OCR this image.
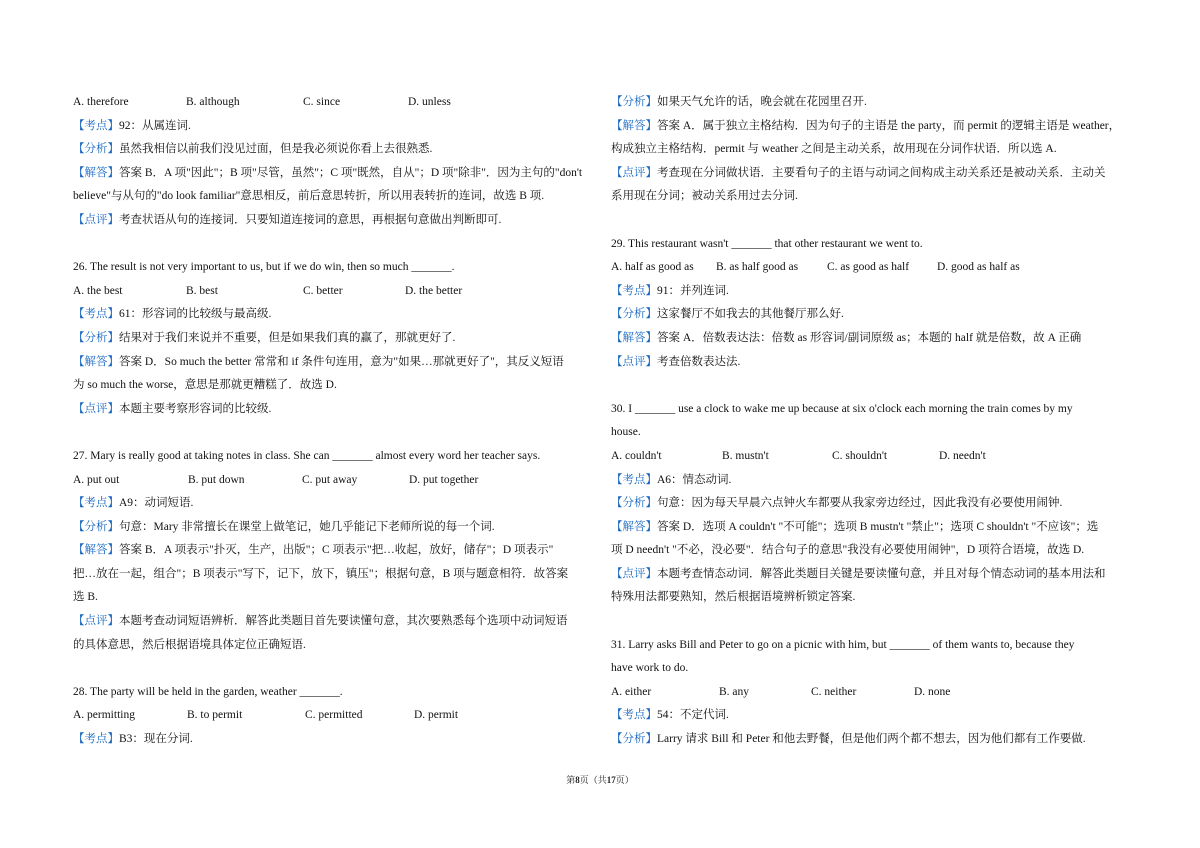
A. therefore	B. although	C. since	D. unless
【考点】92：从属连词.
【分析】虽然我相信以前我们没见过面，但是我必须说你看上去很熟悉.
【解答】答案 B．A 项"因此"；B 项"尽管，虽然"；C 项"既然，自从"；D 项"除非"．因为主句的"don't
believe"与从句的"do look familiar"意思相反，前后意思转折，所以用表转折的连词，故选 B 项.
【点评】考查状语从句的连接词．只要知道连接词的意思，再根据句意做出判断即可.
26. The result is not very important to us, but if we do win, then so much _______.
A. the best	B. best	C. better	D. the better
【考点】61：形容词的比较级与最高级.
【分析】结果对于我们来说并不重要，但是如果我们真的赢了，那就更好了.
【解答】答案 D．So much the better 常常和 if 条件句连用，意为"如果…那就更好了"，其反义短语
为 so much the worse，意思是那就更糟糕了．故选 D.
【点评】本题主要考察形容词的比较级.
27. Mary is really good at taking notes in class. She can _______ almost every word her teacher says.
A. put out	B. put down	C. put away	D. put together
【考点】A9：动词短语.
【分析】句意：Mary 非常擅长在课堂上做笔记，她几乎能记下老师所说的每一个词.
【解答】答案 B．A 项表示"扑灭，生产，出版"；C 项表示"把…收起，放好，储存"；D 项表示"
把…放在一起，组合"；B 项表示"写下，记下，放下，镇压"；根据句意，B 项与题意相符．故答案
选 B.
【点评】本题考查动词短语辨析．解答此类题目首先要读懂句意，其次要熟悉每个选项中动词短语
的具体意思，然后根据语境具体定位正确短语.
28. The party will be held in the garden, weather _______.
A. permitting	B. to permit	C. permitted	D. permit
【考点】B3：现在分词.
【分析】如果天气允许的话，晚会就在花园里召开.
【解答】答案 A．属于独立主格结构．因为句子的主语是 the party，而 permit 的逻辑主语是 weather，
构成独立主格结构．permit 与 weather 之间是主动关系，故用现在分词作状语．所以选 A.
【点评】考查现在分词做状语．主要看句子的主语与动词之间构成主动关系还是被动关系．主动关
系用现在分词；被动关系用过去分词.
29. This restaurant wasn't _______ that other restaurant we went to.
A. half as good as	B. as half good as	C. as good as half	D. good as half as
【考点】91：并列连词.
【分析】这家餐厅不如我去的其他餐厅那么好.
【解答】答案 A．倍数表达法：倍数 as 形容词/副词原级 as；本题的 half 就是倍数，故 A 正确
【点评】考查倍数表达法.
30. I _______ use a clock to wake me up because at six o'clock each morning the train comes by my
house.
A. couldn't	B. mustn't	C. shouldn't	D. needn't
【考点】A6：情态动词.
【分析】句意：因为每天早晨六点钟火车都要从我家旁边经过，因此我没有必要使用闹钟.
【解答】答案 D．选项 A couldn't "不可能"；选项 B mustn't "禁止"；选项 C shouldn't "不应该"；选
项 D needn't "不必，没必要"．结合句子的意思"我没有必要使用闹钟"，D 项符合语境，故选 D.
【点评】本题考查情态动词．解答此类题目关键是要读懂句意，并且对每个情态动词的基本用法和
特殊用法都要熟知，然后根据语境辨析锁定答案.
31. Larry asks Bill and Peter to go on a picnic with him, but _______ of them wants to, because they
have work to do.
A. either	B. any	C. neither	D. none
【考点】54：不定代词.
【分析】Larry 请求 Bill 和 Peter 和他去野餐，但是他们两个都不想去，因为他们都有工作要做.
第8页（共17页）
